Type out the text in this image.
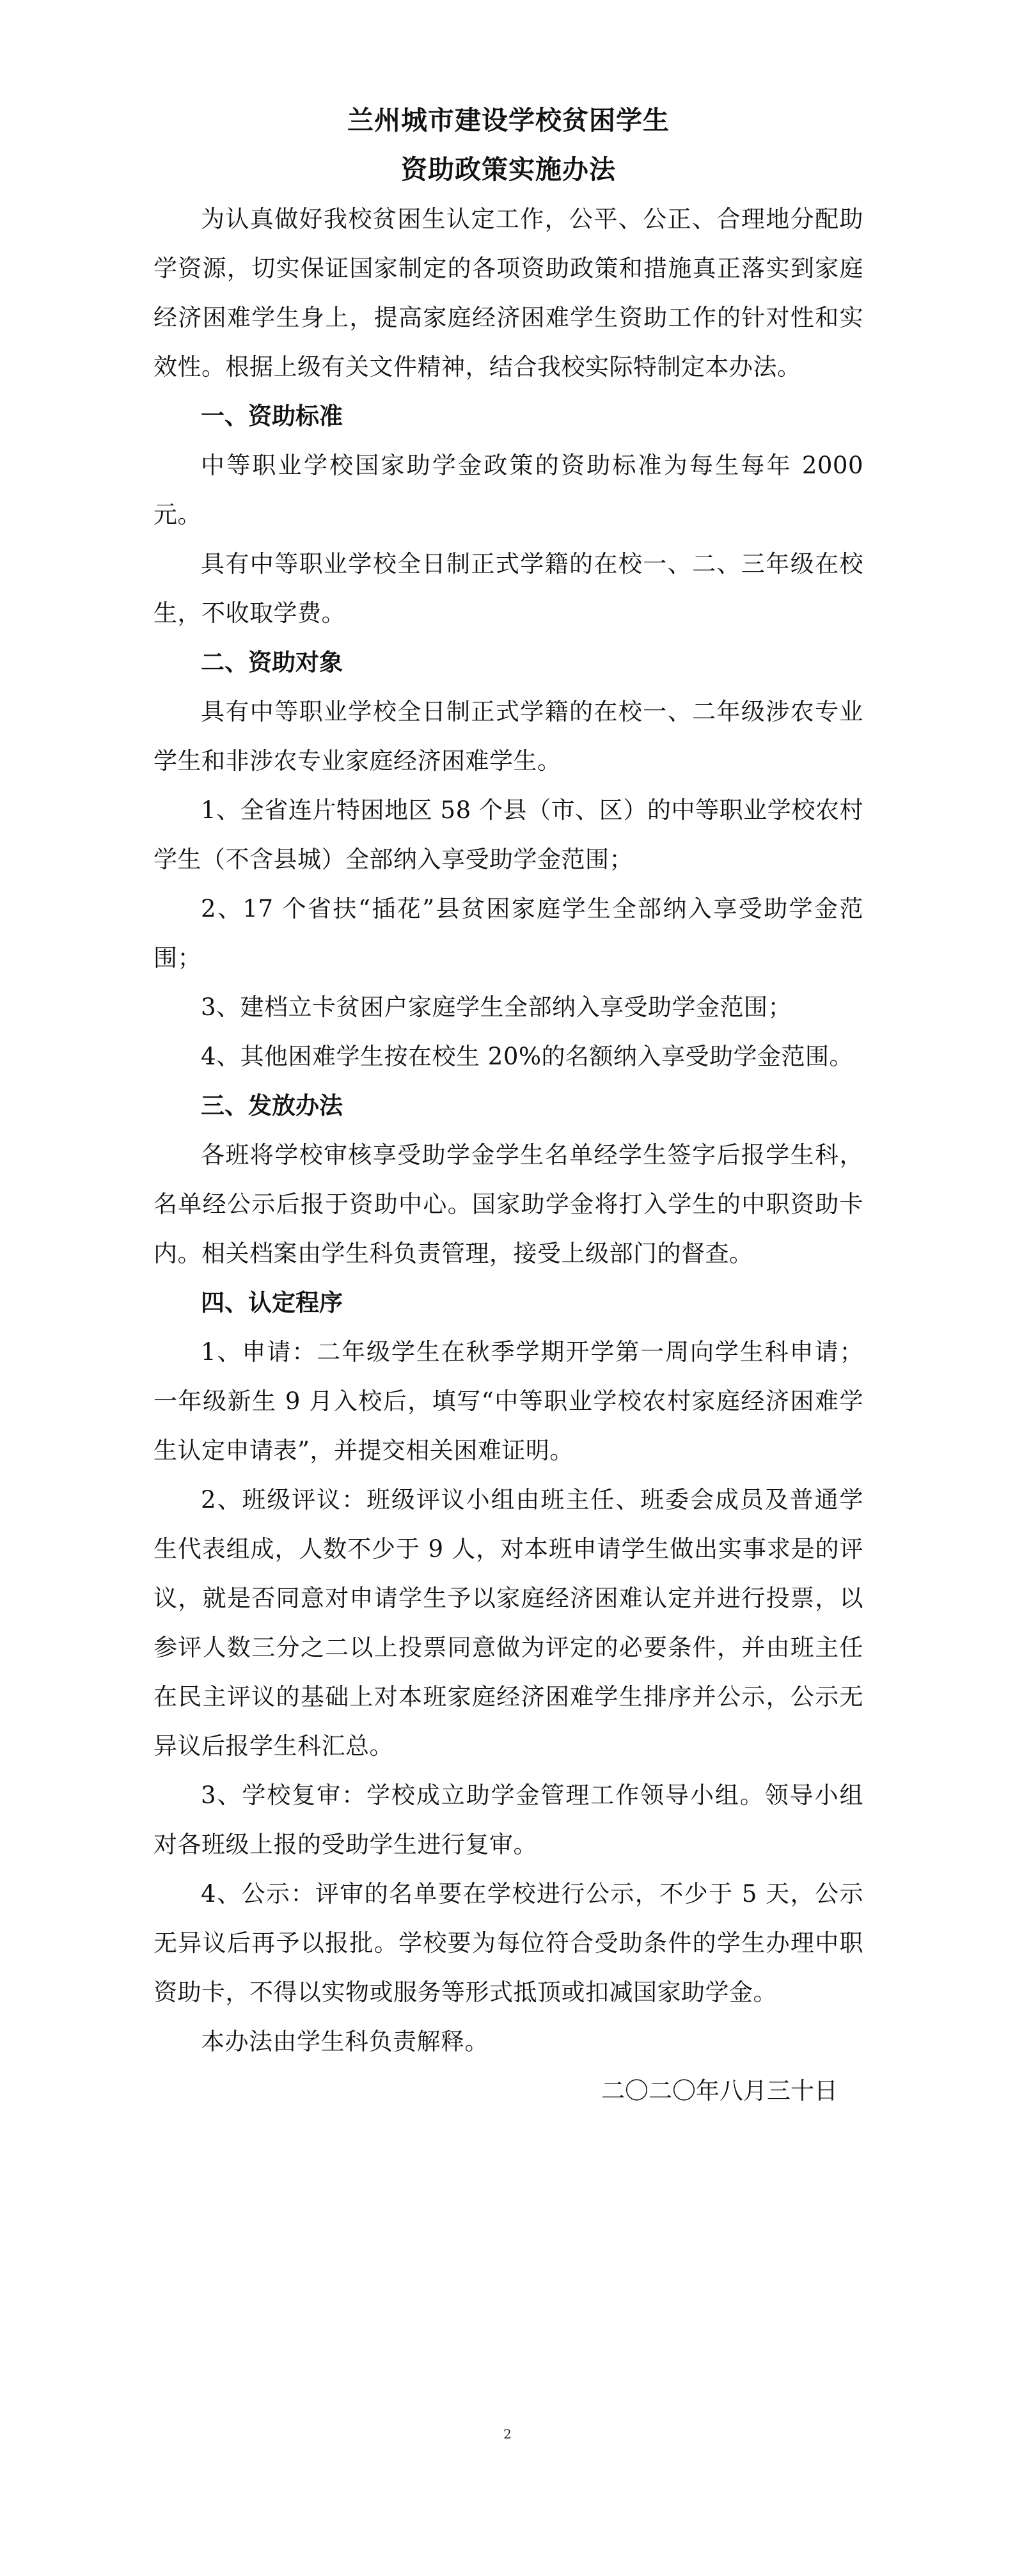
兰州城市建设学校贫困学生

资助政策实施办法

为认真做好我校贫困生认定工作，公平、公正、合理地分配助学资源，切实保证国家制定的各项资助政策和措施真正落实到家庭经济困难学生身上，提高家庭经济困难学生资助工作的针对性和实效性。根据上级有关文件精神，结合我校实际特制定本办法。

一、资助标准

中等职业学校国家助学金政策的资助标准为每生每年 2000 元。

具有中等职业学校全日制正式学籍的在校一、二、三年级在校生，不收取学费。

二、资助对象

具有中等职业学校全日制正式学籍的在校一、二年级涉农专业学生和非涉农专业家庭经济困难学生。

1、全省连片特困地区 58 个县（市、区）的中等职业学校农村学生（不含县城）全部纳入享受助学金范围；

2、17 个省扶“插花”县贫困家庭学生全部纳入享受助学金范围；

3、建档立卡贫困户家庭学生全部纳入享受助学金范围；

4、其他困难学生按在校生 20%的名额纳入享受助学金范围。

三、发放办法

各班将学校审核享受助学金学生名单经学生签字后报学生科，名单经公示后报于资助中心。国家助学金将打入学生的中职资助卡内。相关档案由学生科负责管理，接受上级部门的督查。

四、认定程序

1、申请：二年级学生在秋季学期开学第一周向学生科申请；一年级新生 9 月入校后，填写“中等职业学校农村家庭经济困难学生认定申请表”，并提交相关困难证明。

2、班级评议：班级评议小组由班主任、班委会成员及普通学生代表组成，人数不少于 9 人，对本班申请学生做出实事求是的评议，就是否同意对申请学生予以家庭经济困难认定并进行投票，以参评人数三分之二以上投票同意做为评定的必要条件，并由班主任在民主评议的基础上对本班家庭经济困难学生排序并公示，公示无异议后报学生科汇总。

3、学校复审：学校成立助学金管理工作领导小组。领导小组对各班级上报的受助学生进行复审。

4、公示：评审的名单要在学校进行公示，不少于 5 天，公示无异议后再予以报批。学校要为每位符合受助条件的学生办理中职资助卡，不得以实物或服务等形式抵顶或扣减国家助学金。

本办法由学生科负责解释。

二〇二〇年八月三十日

2
